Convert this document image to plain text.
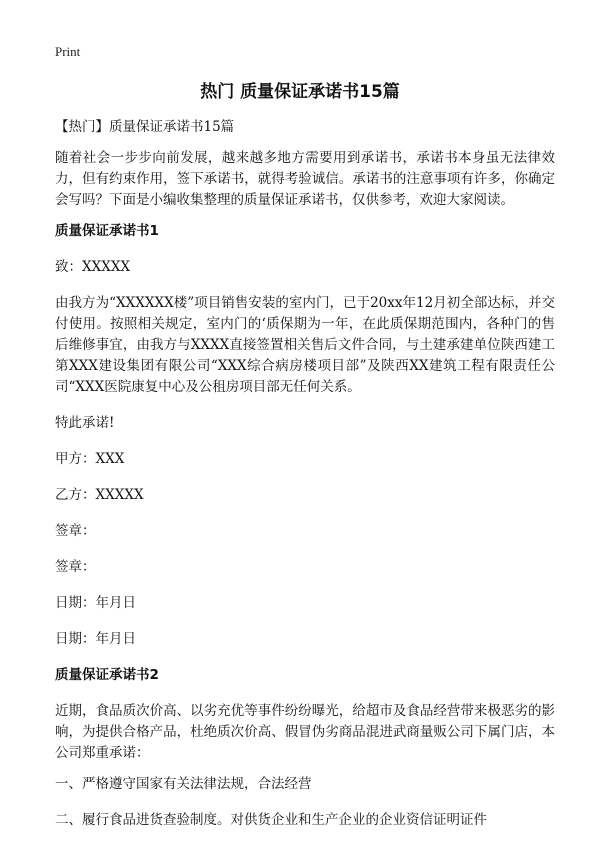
Print
热门 质量保证承诺书15篇

【热门】质量保证承诺书15篇

随着社会一步步向前发展，越来越多地方需要用到承诺书，承诺书本身虽无法律效力，但有约束作用，签下承诺书，就得考验诚信。承诺书的注意事项有许多，你确定会写吗？下面是小编收集整理的质量保证承诺书，仅供参考，欢迎大家阅读。

质量保证承诺书1

致：XXXXX

由我方为“XXXXXX楼”项目销售安装的室内门，已于20xx年12月初全部达标，并交付使用。按照相关规定，室内门的‘质保期为一年，在此质保期范围内，各种门的售后维修事宜，由我方与XXXX直接签置相关售后文件合同，与土建承建单位陕西建工第XXX建设集团有限公司“XXX综合病房楼项目部”及陕西XX建筑工程有限责任公司“XXX医院康复中心及公租房项目部无任何关系。

特此承诺!

甲方：XXX

乙方：XXXXX

签章：

签章：

日期：年月日

日期：年月日

质量保证承诺书2

近期，食品质次价高、以劣充优等事件纷纷曝光，给超市及食品经营带来极恶劣的影响，为提供合格产品，杜绝质次价高、假冒伪劣商品混进武商量贩公司下属门店，本公司郑重承诺：

一、严格遵守国家有关法律法规，合法经营

二、履行食品进货查验制度。对供货企业和生产企业的企业资信证明证件
